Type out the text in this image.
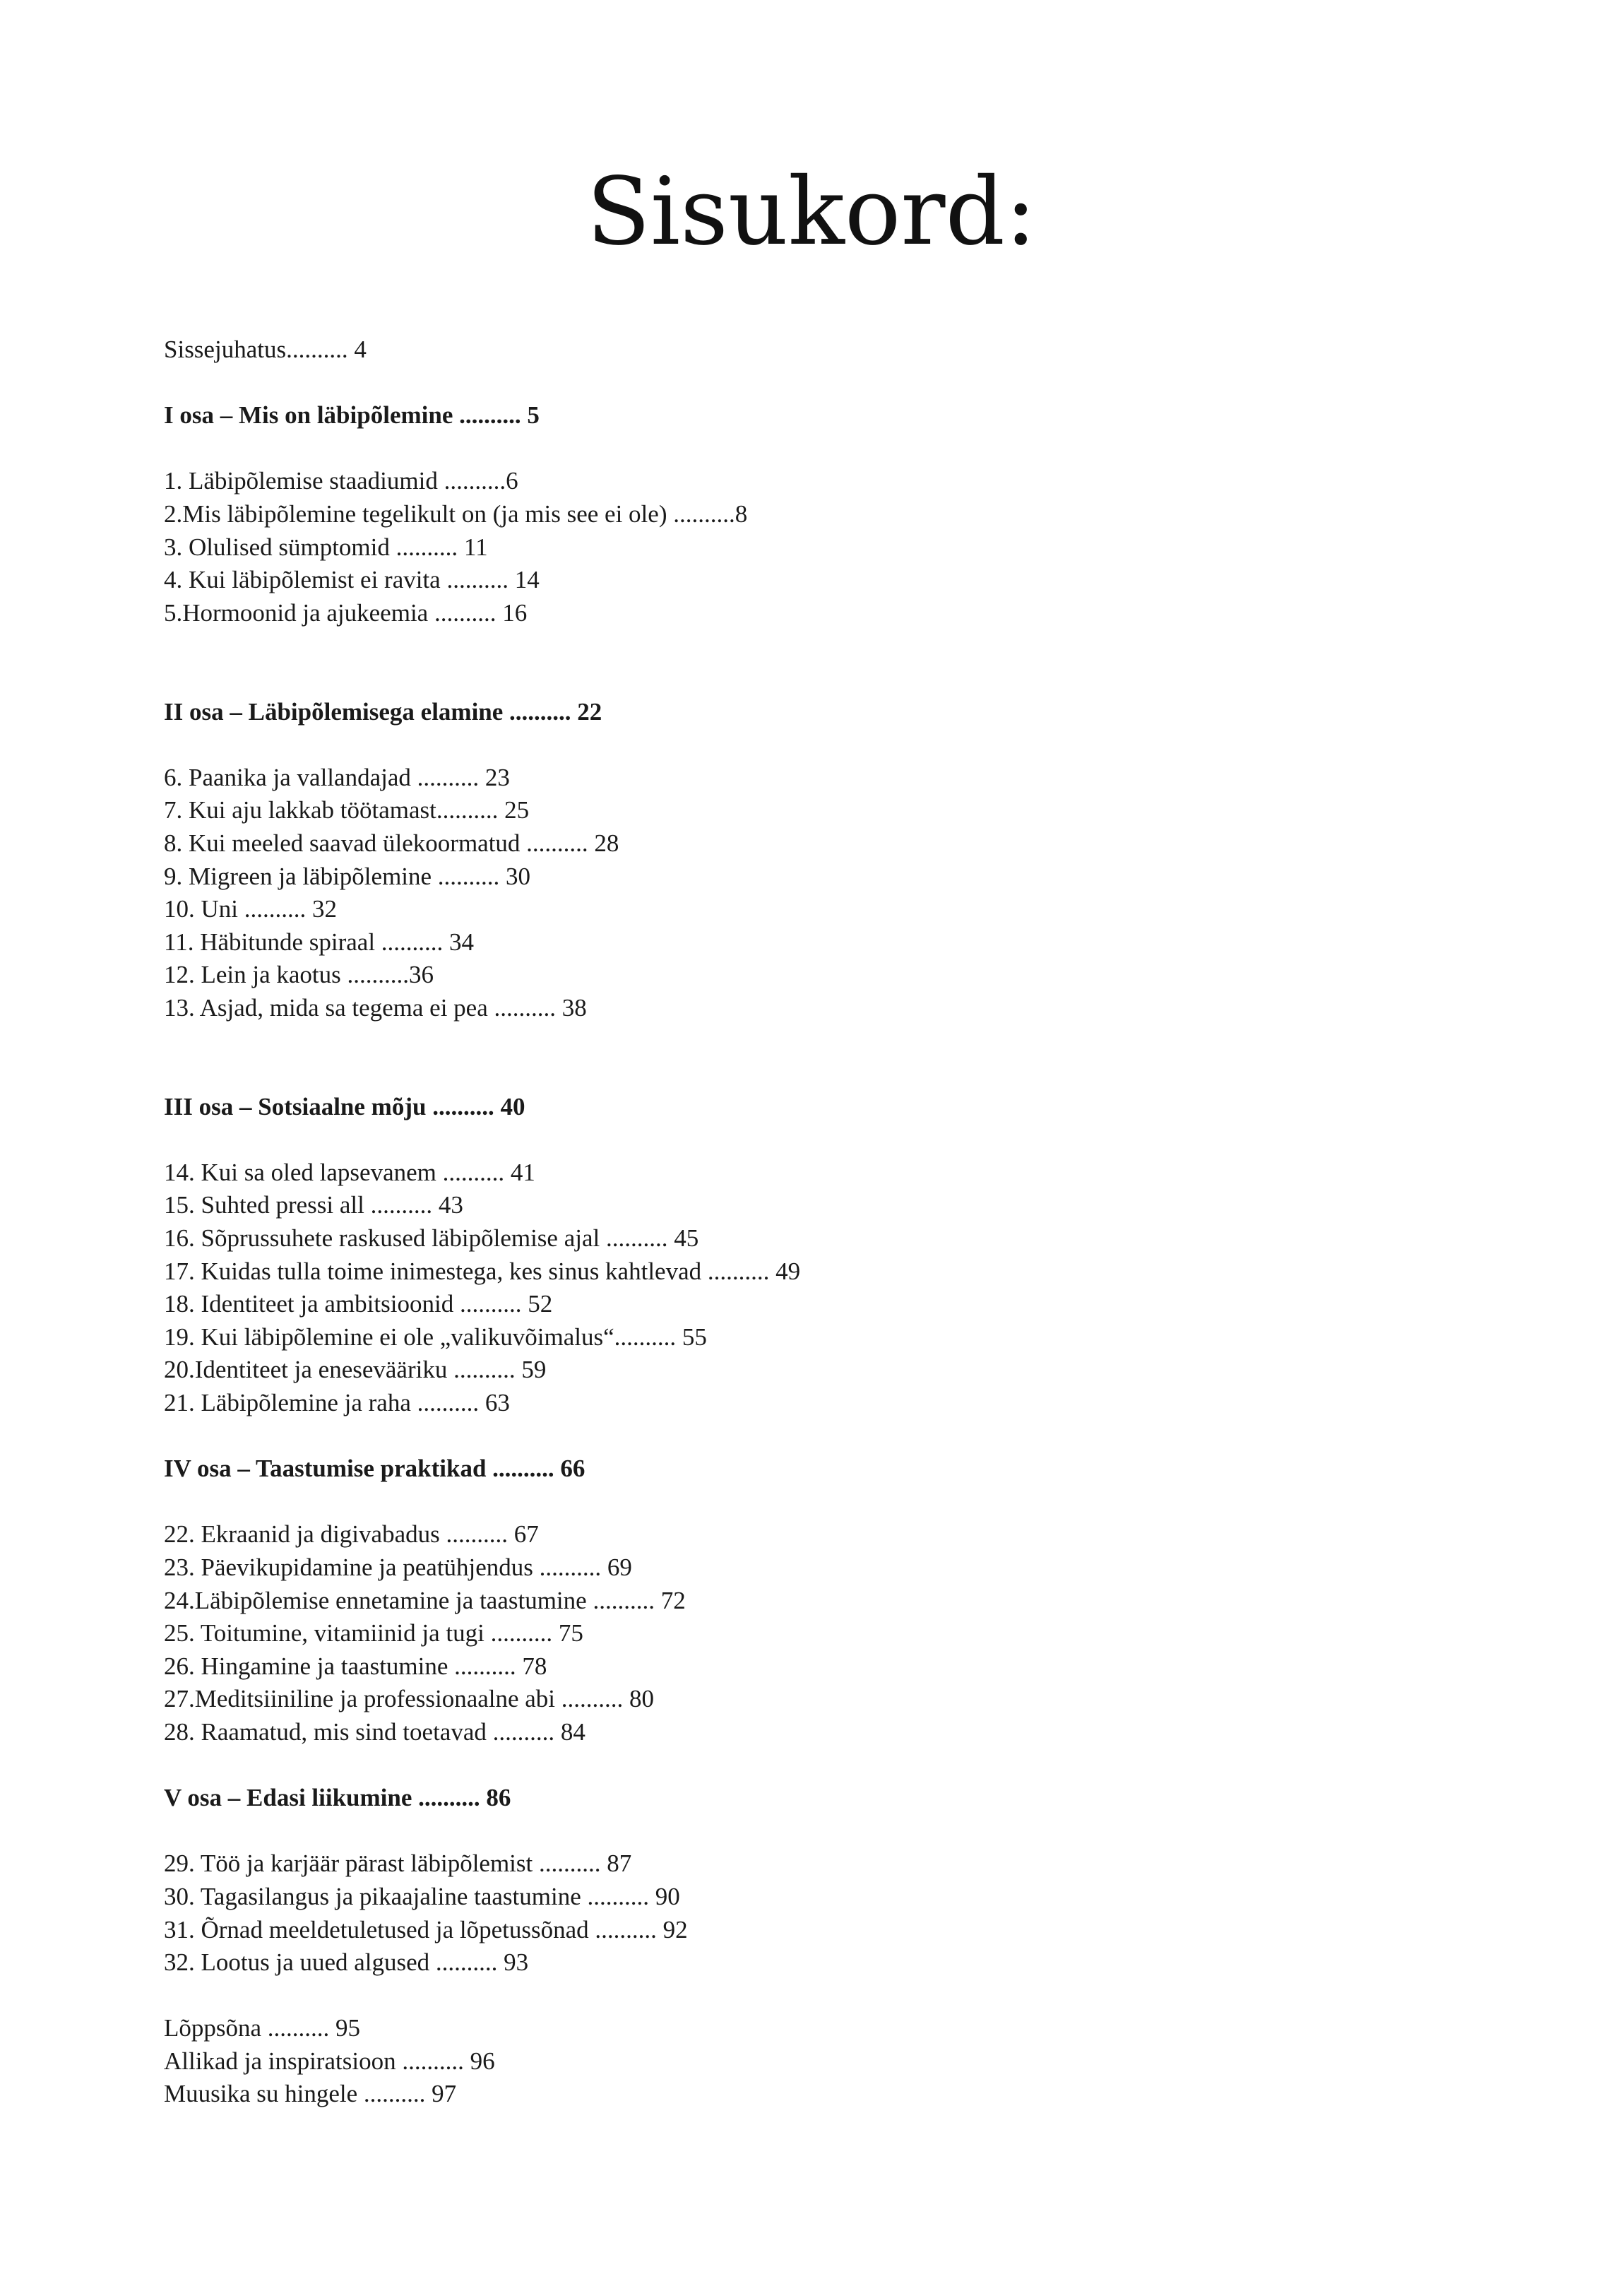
Sisukord:
Sissejuhatus.......... 4
I osa – Mis on läbipõlemine .......... 5
1. Läbipõlemise staadiumid ..........6
2.Mis läbipõlemine tegelikult on (ja mis see ei ole) ..........8
3. Olulised sümptomid .......... 11
4. Kui läbipõlemist ei ravita .......... 14
5.Hormoonid ja ajukeemia .......... 16
II osa – Läbipõlemisega elamine .......... 22
6. Paanika ja vallandajad .......... 23
7. Kui aju lakkab töötamast.......... 25
8. Kui meeled saavad ülekoormatud .......... 28
9. Migreen ja läbipõlemine .......... 30
10. Uni .......... 32
11. Häbitunde spiraal .......... 34
12. Lein ja kaotus ..........36
13. Asjad, mida sa tegema ei pea .......... 38
III osa – Sotsiaalne mõju .......... 40
14. Kui sa oled lapsevanem .......... 41
15. Suhted pressi all .......... 43
16. Sõprussuhete raskused läbipõlemise ajal .......... 45
17. Kuidas tulla toime inimestega, kes sinus kahtlevad .......... 49
18. Identiteet ja ambitsioonid .......... 52
19. Kui läbipõlemine ei ole „valikuvõimalus“.......... 55
20.Identiteet ja enesevääriku .......... 59
21. Läbipõlemine ja raha .......... 63
IV osa – Taastumise praktikad .......... 66
22. Ekraanid ja digivabadus .......... 67
23. Päevikupidamine ja peatühjendus .......... 69
24.Läbipõlemise ennetamine ja taastumine .......... 72
25. Toitumine, vitamiinid ja tugi .......... 75
26. Hingamine ja taastumine .......... 78
27.Meditsiiniline ja professionaalne abi .......... 80
28. Raamatud, mis sind toetavad .......... 84
V osa – Edasi liikumine .......... 86
29. Töö ja karjäär pärast läbipõlemist .......... 87
30. Tagasilangus ja pikaajaline taastumine .......... 90
31. Õrnad meeldetuletused ja lõpetussõnad .......... 92
32. Lootus ja uued algused .......... 93
Lõppsõna .......... 95
Allikad ja inspiratsioon .......... 96
Muusika su hingele .......... 97
